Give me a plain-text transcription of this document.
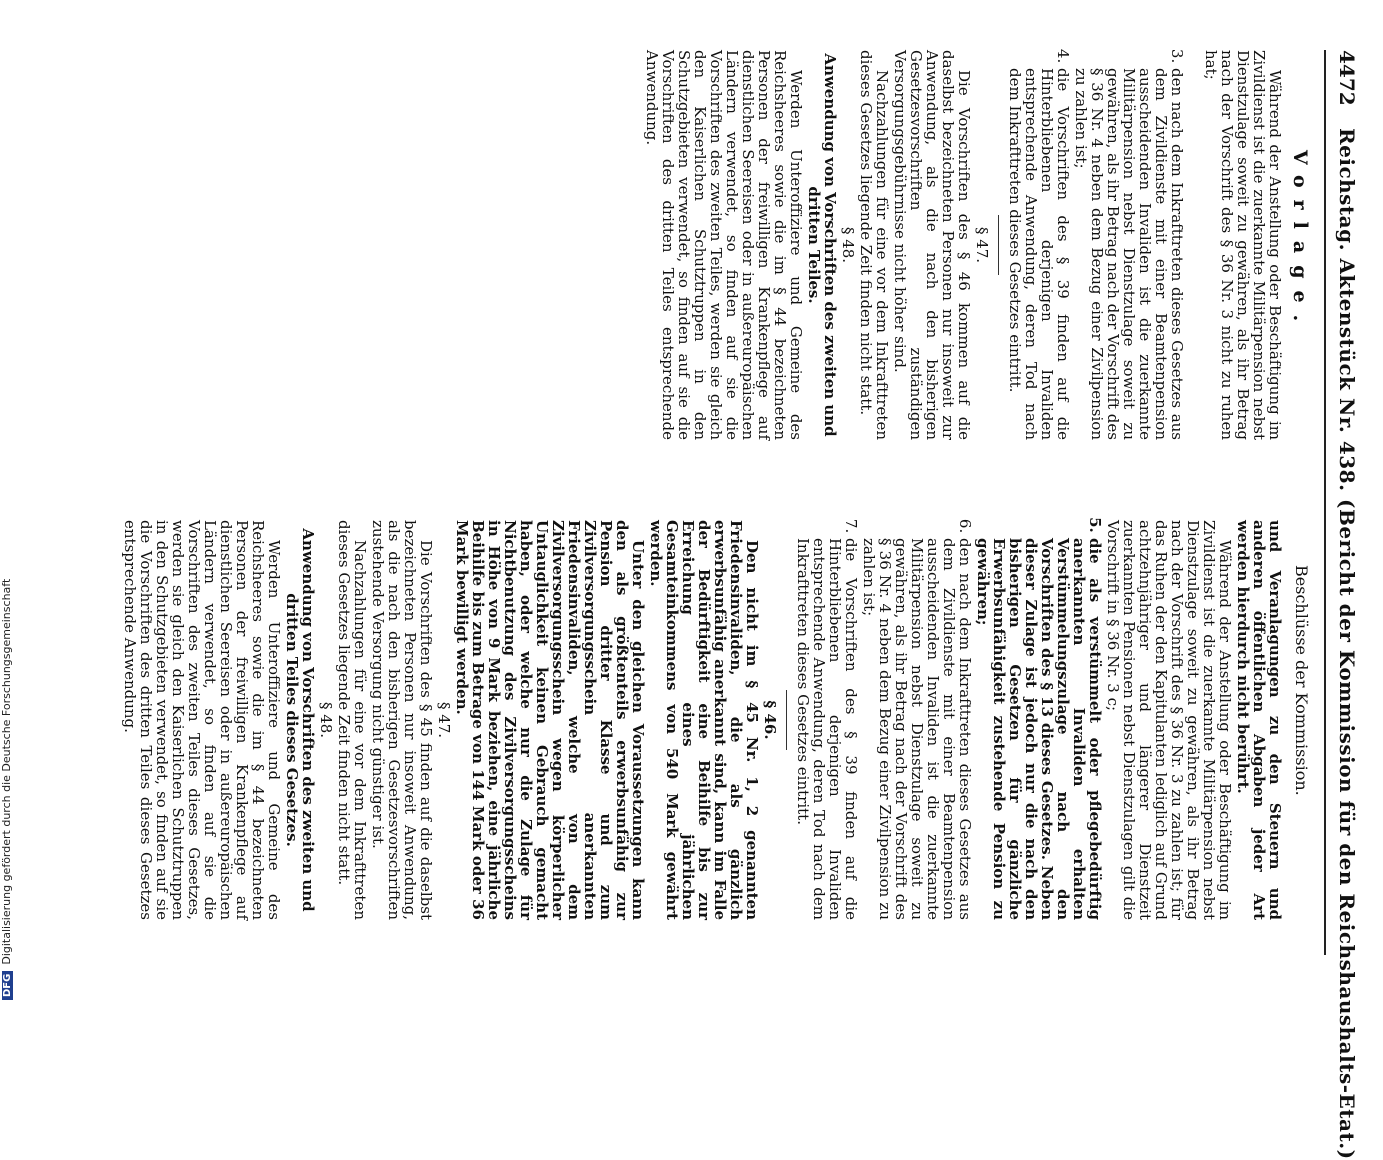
4472
Reichstag. Aktenstück Nr. 438. (Bericht der Kommission für den Reichshaushalts-Etat.)
Vorlage.

Während der Anstellung oder Beschäftigung im Zivildienst ist die zuerkannte Militärpension nebst Dienstzulage soweit zu gewähren, als ihr Betrag nach der Vorschrift des § 36 Nr. 3 nicht zu ruhen hat;

3. den nach dem Inkrafttreten dieses Gesetzes aus dem Zivildienste mit einer Beamtenpension ausscheidenden Invaliden ist die zuerkannte Militärpension nebst Dienstzulage soweit zu gewähren, als ihr Betrag nach der Vorschrift des § 36 Nr. 4 neben dem Bezug einer Zivilpension zu zahlen ist;
4. die Vorschriften des § 39 finden auf die Hinterbliebenen derjenigen Invaliden entsprechende Anwendung, deren Tod nach dem Inkrafttreten dieses Gesetzes eintritt.

§ 47.

Die Vorschriften des § 46 kommen auf die daselbst bezeichneten Personen nur insoweit zur Anwendung, als die nach den bisherigen Gesetzesvorschriften zuständigen Versorgungsgebührnisse nicht höher sind.

Nachzahlungen für eine vor dem Inkrafttreten dieses Gesetzes liegende Zeit finden nicht statt.

§ 48.

Anwendung von Vorschriften des zweiten und dritten Teiles.

Werden Unteroffiziere und Gemeine des Reichsheeres sowie die im § 44 bezeichneten Personen der freiwilligen Krankenpflege auf dienstlichen Seereisen oder in außereuropäischen Ländern verwendet, so finden auf sie die Vorschriften des zweiten Teiles, werden sie gleich den Kaiserlichen Schutztruppen in den Schutzgebieten verwendet, so finden auf sie die Vorschriften des dritten Teiles entsprechende Anwendung.

Beschlüsse der Kommission.

und Veranlagungen zu den Steuern und anderen öffentlichen Abgaben jeder Art werden hierdurch nicht berührt.

Während der Anstellung oder Beschäftigung im Zivildienst ist die zuerkannte Militärpension nebst Dienstzulage soweit zu gewähren, als ihr Betrag nach der Vorschrift des § 36 Nr. 3 zu zahlen ist; für das Ruhen der den Kapitulanten lediglich auf Grund achtzehnjähriger und längerer Dienstzeit zuerkannten Pensionen nebst Dienstzulagen gilt die Vorschrift in § 36 Nr. 3 c;

5. die als verstümmelt oder pflegebedürftig anerkannten Invaliden erhalten Verstümmelungszulage nach den Vorschriften des § 13 dieses Gesetzes. Neben dieser Zulage ist jedoch nur die nach den bisherigen Gesetzen für gänzliche Erwerbsunfähigkeit zustehende Pension zu gewähren;
6. den nach dem Inkrafttreten dieses Gesetzes aus dem Zivildienste mit einer Beamtenpension ausscheidenden Invaliden ist die zuerkannte Militärpension nebst Dienstzulage soweit zu gewähren, als ihr Betrag nach der Vorschrift des § 36 Nr. 4 neben dem Bezug einer Zivilpension zu zahlen ist;
7. die Vorschriften des § 39 finden auf die Hinterbliebenen derjenigen Invaliden entsprechende Anwendung, deren Tod nach dem Inkrafttreten dieses Gesetzes eintritt.

§ 46.

Den nicht im § 45 Nr. 1, 2 genannten Friedensinvaliden, die als gänzlich erwerbsunfähig anerkannt sind, kann im Falle der Bedürftigkeit eine Beihilfe bis zur Erreichung eines jährlichen Gesamteinkommens von 540 Mark gewährt werden.

Unter den gleichen Voraussetzungen kann den als größtenteils erwerbsunfähig zur Pension dritter Klasse und zum Zivilversorgungsschein anerkannten Friedensinvaliden, welche von dem Zivilversorgungsschein wegen körperlicher Untauglichkeit keinen Gebrauch gemacht haben, oder welche nur die Zulage für Nichtbenutzung des Zivilversorgungsscheins in Höhe von 9 Mark beziehen, eine jährliche Beihilfe bis zum Betrage von 144 Mark oder 36 Mark bewilligt werden.

§ 47.

Die Vorschriften des § 45 finden auf die daselbst bezeichneten Personen nur insoweit Anwendung, als die nach den bisherigen Gesetzesvorschriften zustehende Versorgung nicht günstiger ist.

Nachzahlungen für eine vor dem Inkrafttreten dieses Gesetzes liegende Zeit finden nicht statt.

§ 48.

Anwendung von Vorschriften des zweiten und dritten Teiles dieses Gesetzes.

Werden Unteroffiziere und Gemeine des Reichsheeres sowie die im § 44 bezeichneten Personen der freiwilligen Krankenpflege auf dienstlichen Seereisen oder in außereuropäischen Ländern verwendet, so finden auf sie die Vorschriften des zweiten Teiles dieses Gesetzes, werden sie gleich den Kaiserlichen Schutztruppen in den Schutzgebieten verwendet, so finden auf sie die Vorschriften des dritten Teiles dieses Gesetzes entsprechende Anwendung.

DFGDigitalisierung gefördert durch die Deutsche Forschungsgemeinschaft
